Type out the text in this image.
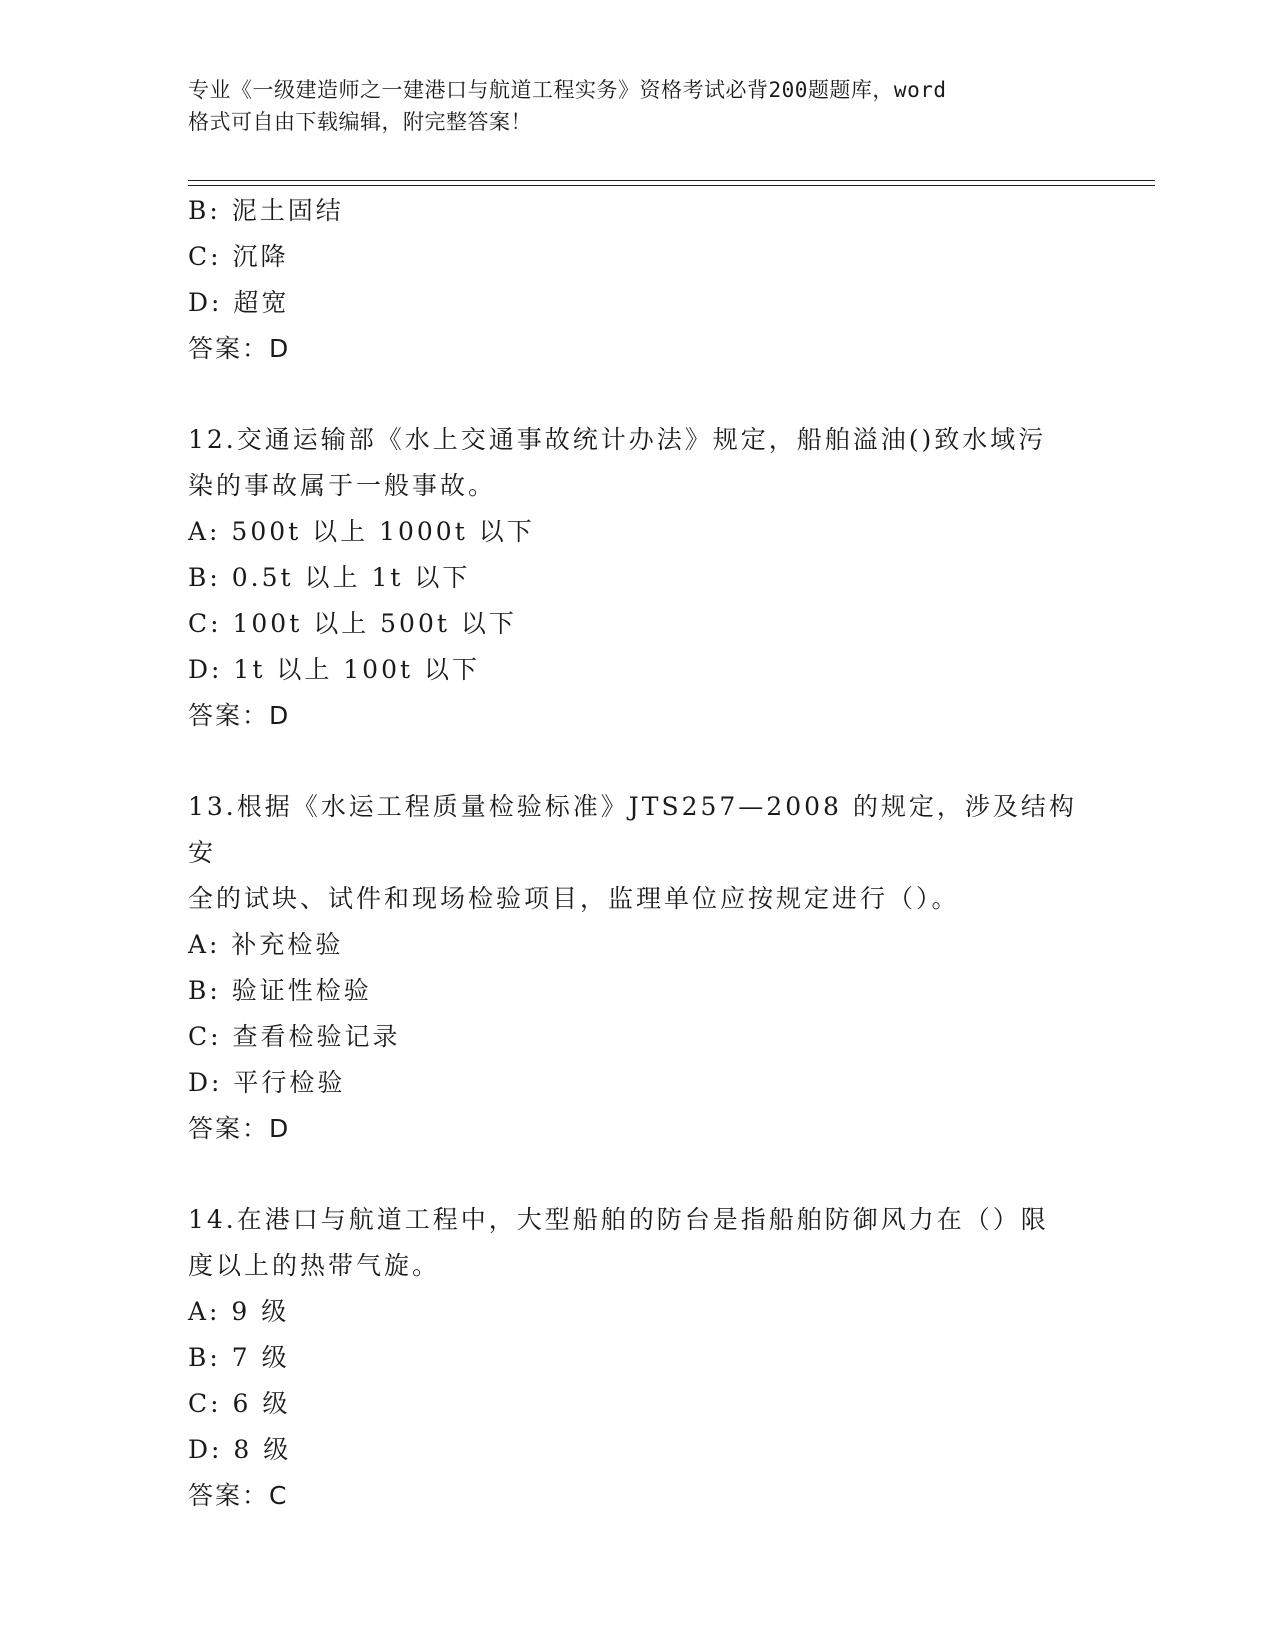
专业《一级建造师之一建港口与航道工程实务》资格考试必背200题题库，word
格式可自由下载编辑，附完整答案！
B: 泥土固结
C: 沉降
D: 超宽
答案：D
12.交通运输部《水上交通事故统计办法》规定，船舶溢油()致水域污
染的事故属于一般事故。
A: 500t 以上 1000t 以下
B: 0.5t 以上 1t 以下
C: 100t 以上 500t 以下
D: 1t 以上 100t 以下
答案：D
13.根据《水运工程质量检验标准》JTS257—2008 的规定，涉及结构安
全的试块、试件和现场检验项目，监理单位应按规定进行（）。
A: 补充检验
B: 验证性检验
C: 查看检验记录
D: 平行检验
答案：D
14.在港口与航道工程中，大型船舶的防台是指船舶防御风力在（）限
度以上的热带气旋。
A: 9 级
B: 7 级
C: 6 级
D: 8 级
答案：C
